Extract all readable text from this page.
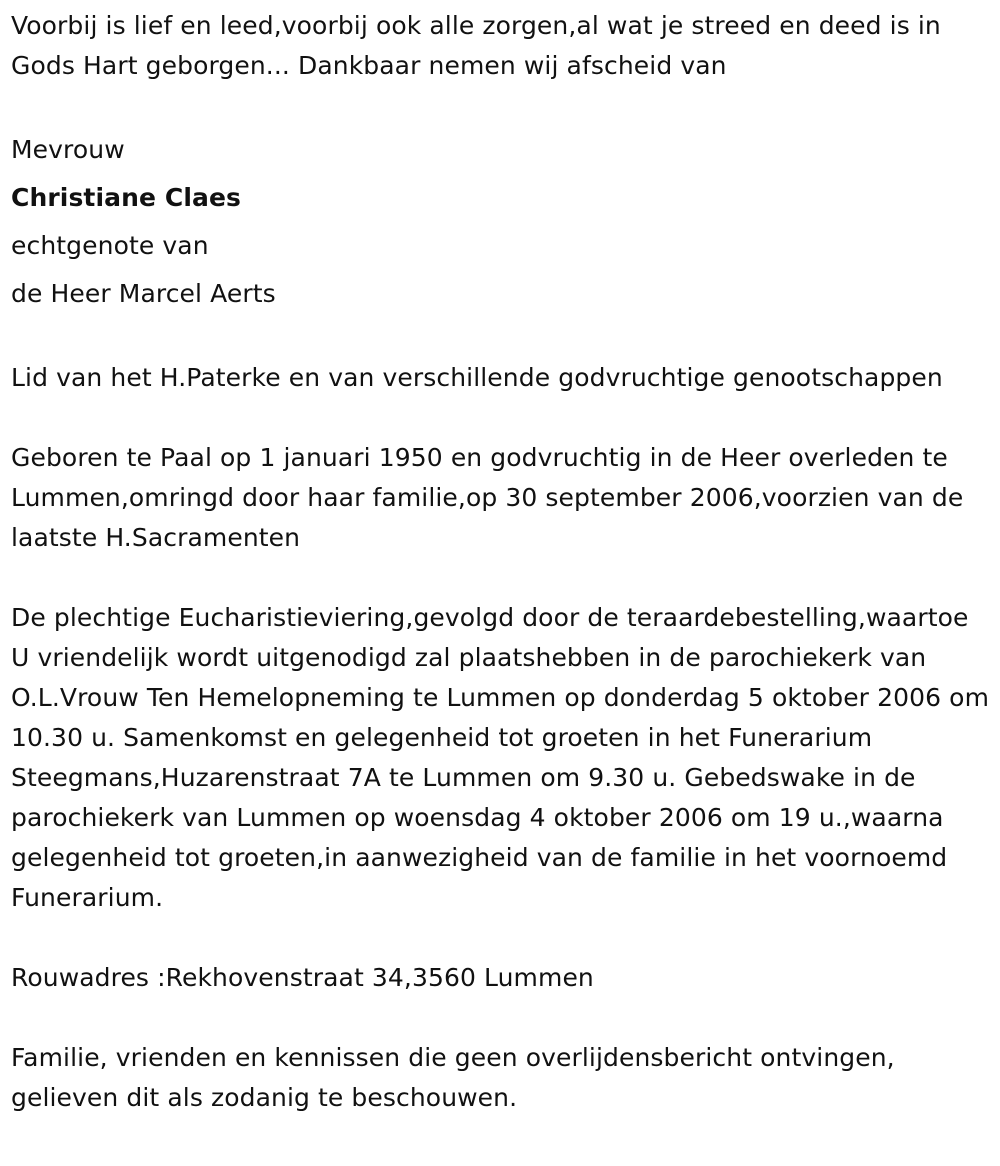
Voorbij is lief en leed,voorbij ook alle zorgen,al wat je streed en deed is in Gods Hart geborgen... Dankbaar nemen wij afscheid van

Mevrouw

Christiane Claes

echtgenote van

de Heer Marcel Aerts

Lid van het H.Paterke en van verschillende godvruchtige genootschappen

Geboren te Paal op 1 januari 1950 en godvruchtig in de Heer overleden te Lummen,omringd door haar familie,op 30 september 2006,voorzien van de laatste H.Sacramenten

De plechtige Eucharistieviering,gevolgd door de teraardebestelling,waartoe U vriendelijk wordt uitgenodigd zal plaatshebben in de parochiekerk van O.L.Vrouw Ten Hemelopneming te Lummen op donderdag 5 oktober 2006 om 10.30 u. Samenkomst en gelegenheid tot groeten in het Funerarium Steegmans,Huzarenstraat 7A te Lummen om 9.30 u. Gebedswake in de parochiekerk van Lummen op woensdag 4 oktober 2006 om 19 u.,waarna gelegenheid tot groeten,in aanwezigheid van de familie in het voornoemd Funerarium.

Rouwadres :Rekhovenstraat 34,3560 Lummen

Familie, vrienden en kennissen die geen overlijdensbericht ontvingen, gelieven dit als zodanig te beschouwen.
